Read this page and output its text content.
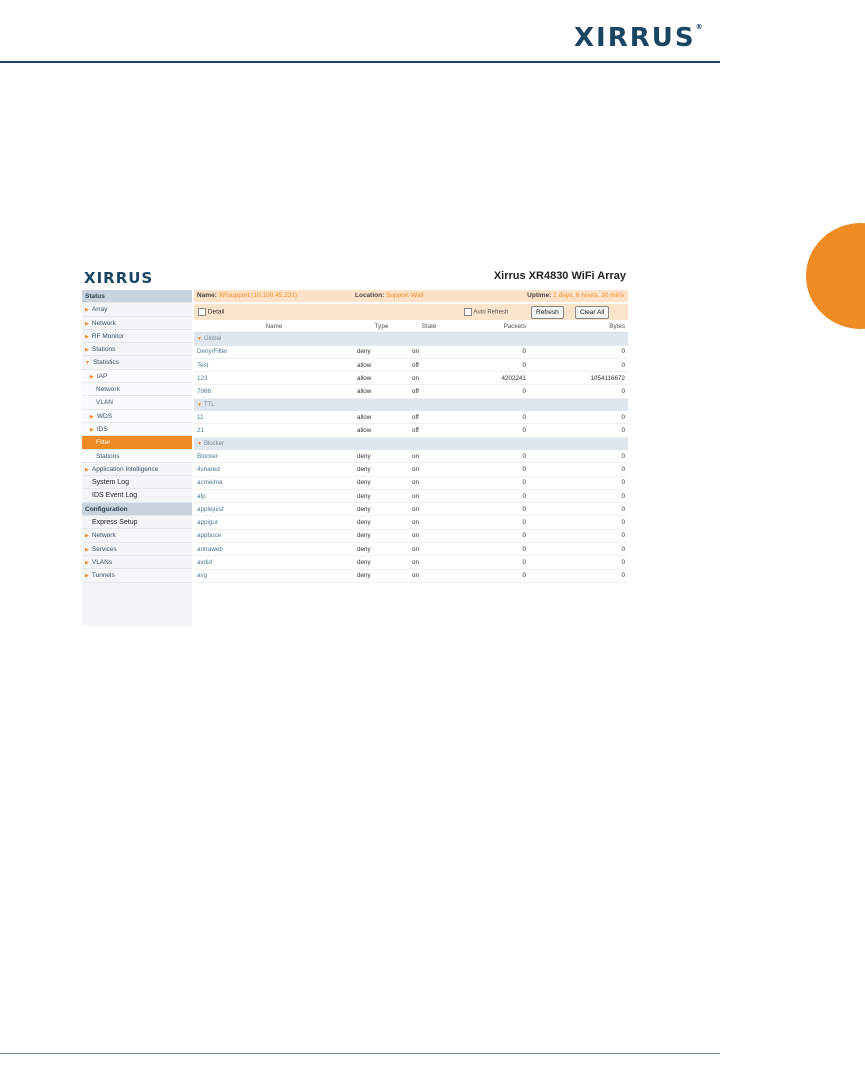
XIRRUS®
XIRRUS	Xirrus XR4830 WiFi Array
Status
▶ Array
▶ Network
▶ RF Monitor
▶ Stations
▼ Statistics
▶ IAP
Network
VLAN
▶ WDS
▶ IDS
Filter
Stations
▶ Application Intelligence
System Log
IDS Event Log
Configuration
Express Setup
▶ Network
▶ Services
▶ VLANs
▶ Tunnels
Name: XRsupport (10.100.45.231)	Location: Support-Wall	Uptime: 1 days, 6 hours, 30 mins
Detail	Auto Refresh	Refresh	Clear All
Name	Type	State	Packets	Bytes
▼ Global				
Deny/Filter	deny	on	0	0
Test	allow	off	0	0
123	allow	on	4202241	1054116672
7066	allow	off	0	0
▼ TTL				
11	allow	off	0	0
21	allow	off	0	0
▼ Blocker				
Blocker	deny	on	0	0
4shared	deny	on	0	0
acmeima	deny	on	0	0
afp	deny	on	0	0
applejuist	deny	on	0	0
appigur	deny	on	0	0
appbuce	deny	on	0	0
antraweb	deny	on	0	0
avdid	deny	on	0	0
avg	deny	on	0	0
